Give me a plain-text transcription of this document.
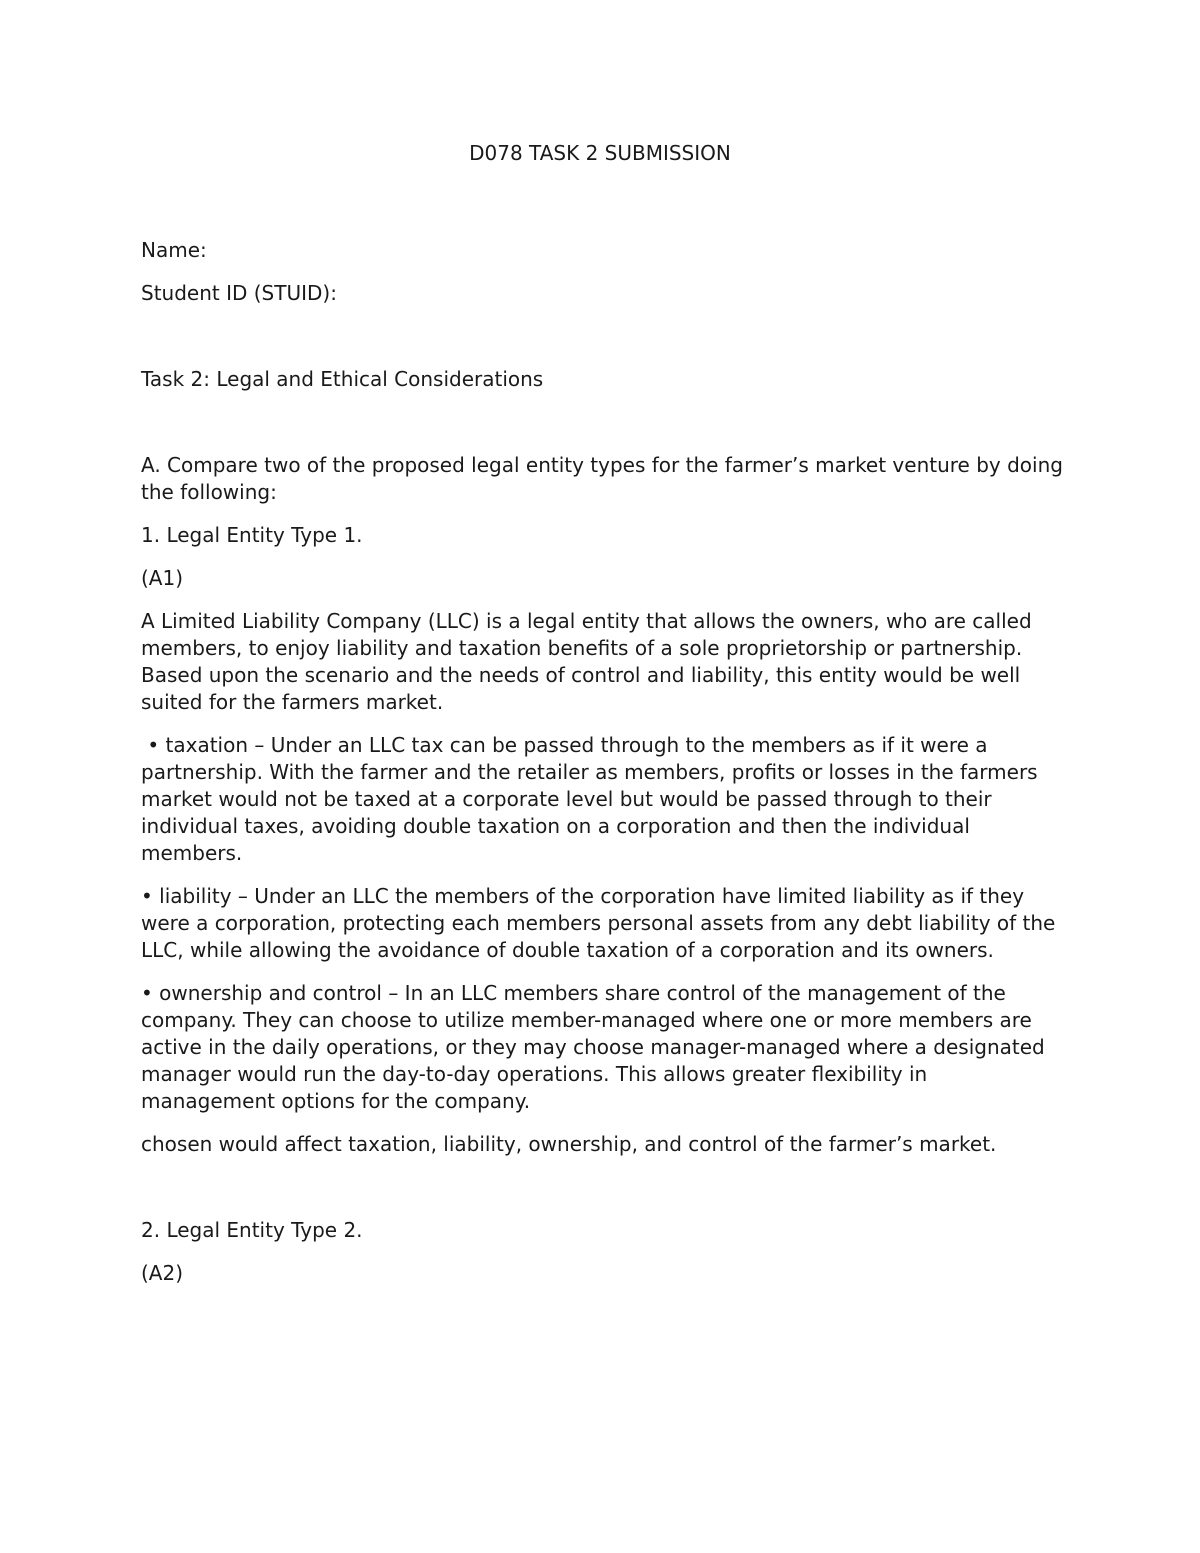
D078 TASK 2 SUBMISSION

Name:

Student ID (STUID):

Task 2: Legal and Ethical Considerations

A. Compare two of the proposed legal entity types for the farmer’s market venture by doing the following:

1. Legal Entity Type 1.

(A1)

A Limited Liability Company (LLC) is a legal entity that allows the owners, who are called members, to enjoy liability and taxation benefits of a sole proprietorship or partnership. Based upon the scenario and the needs of control and liability, this entity would be well suited for the farmers market.

• taxation – Under an LLC tax can be passed through to the members as if it were a partnership. With the farmer and the retailer as members, profits or losses in the farmers market would not be taxed at a corporate level but would be passed through to their individual taxes, avoiding double taxation on a corporation and then the individual members.

• liability – Under an LLC the members of the corporation have limited liability as if they were a corporation, protecting each members personal assets from any debt liability of the LLC, while allowing the avoidance of double taxation of a corporation and its owners.

• ownership and control – In an LLC members share control of the management of the company. They can choose to utilize member-managed where one or more members are active in the daily operations, or they may choose manager-managed where a designated manager would run the day-to-day operations. This allows greater flexibility in management options for the company.

chosen would affect taxation, liability, ownership, and control of the farmer’s market.

2. Legal Entity Type 2.

(A2)
